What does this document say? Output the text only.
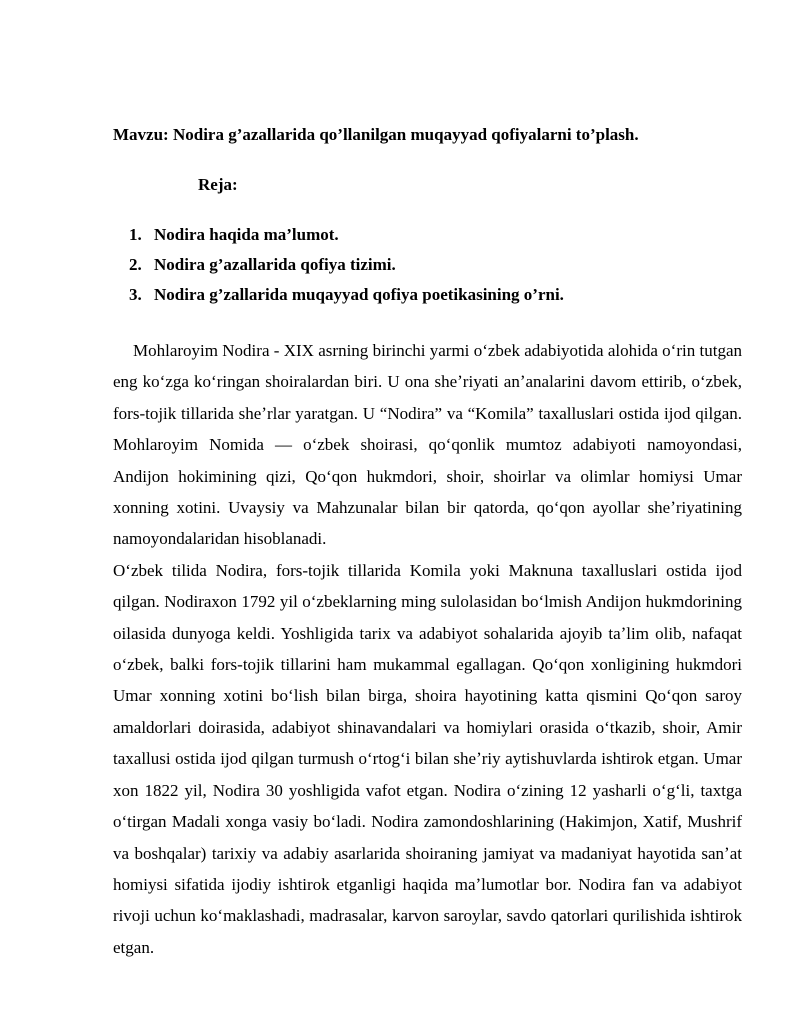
Mavzu: Nodira g’azallarida qo’llanilgan muqayyad qofiyalarni to’plash.
Reja:
1. Nodira haqida ma’lumot.
2. Nodira g’azallarida qofiya tizimi.
3. Nodira g’zallarida muqayyad qofiya poetikasining o’rni.

Mohlaroyim Nodira - XIX asrning birinchi yarmi oʻzbek adabiyotida alohida oʻrin tutgan eng koʻzga koʻringan shoiralardan biri. U ona sheʼriyati anʼanalarini davom ettirib, oʻzbek, fors-tojik tillarida sheʼrlar yaratgan. U “Nodira” va “Komila” taxalluslari ostida ijod qilgan. Mohlaroyim Nomida — oʻzbek shoirasi, qoʻqonlik mumtoz adabiyoti namoyondasi, Andijon hokimining qizi, Qoʻqon hukmdori, shoir, shoirlar va olimlar homiysi Umar xonning xotini. Uvaysiy va Mahzunalar bilan bir qatorda, qoʻqon ayollar sheʼriyatining namoyondalaridan hisoblanadi.

Oʻzbek tilida Nodira, fors-tojik tillarida Komila yoki Maknuna taxalluslari ostida ijod qilgan. Nodiraxon 1792 yil oʻzbeklarning ming sulolasidan boʻlmish Andijon hukmdorining oilasida dunyoga keldi. Yoshligida tarix va adabiyot sohalarida ajoyib taʼlim olib, nafaqat oʻzbek, balki fors-tojik tillarini ham mukammal egallagan. Qoʻqon xonligining hukmdori Umar xonning xotini boʻlish bilan birga, shoira hayotining katta qismini Qoʻqon saroy amaldorlari doirasida, adabiyot shinavandalari va homiylari orasida oʻtkazib, shoir, Amir taxallusi ostida ijod qilgan turmush oʻrtogʻi bilan sheʼriy aytishuvlarda ishtirok etgan. Umar xon 1822 yil, Nodira 30 yoshligida vafot etgan. Nodira oʻzining 12 yasharli oʻgʻli, taxtga oʻtirgan Madali xonga vasiy boʻladi. Nodira zamondoshlarining (Hakimjon, Xatif, Mushrif va boshqalar) tarixiy va adabiy asarlarida shoiraning jamiyat va madaniyat hayotida sanʼat homiysi sifatida ijodiy ishtirok etganligi haqida maʼlumotlar bor. Nodira fan va adabiyot rivoji uchun koʻmaklashadi, madrasalar, karvon saroylar, savdo qatorlari qurilishida ishtirok etgan.
